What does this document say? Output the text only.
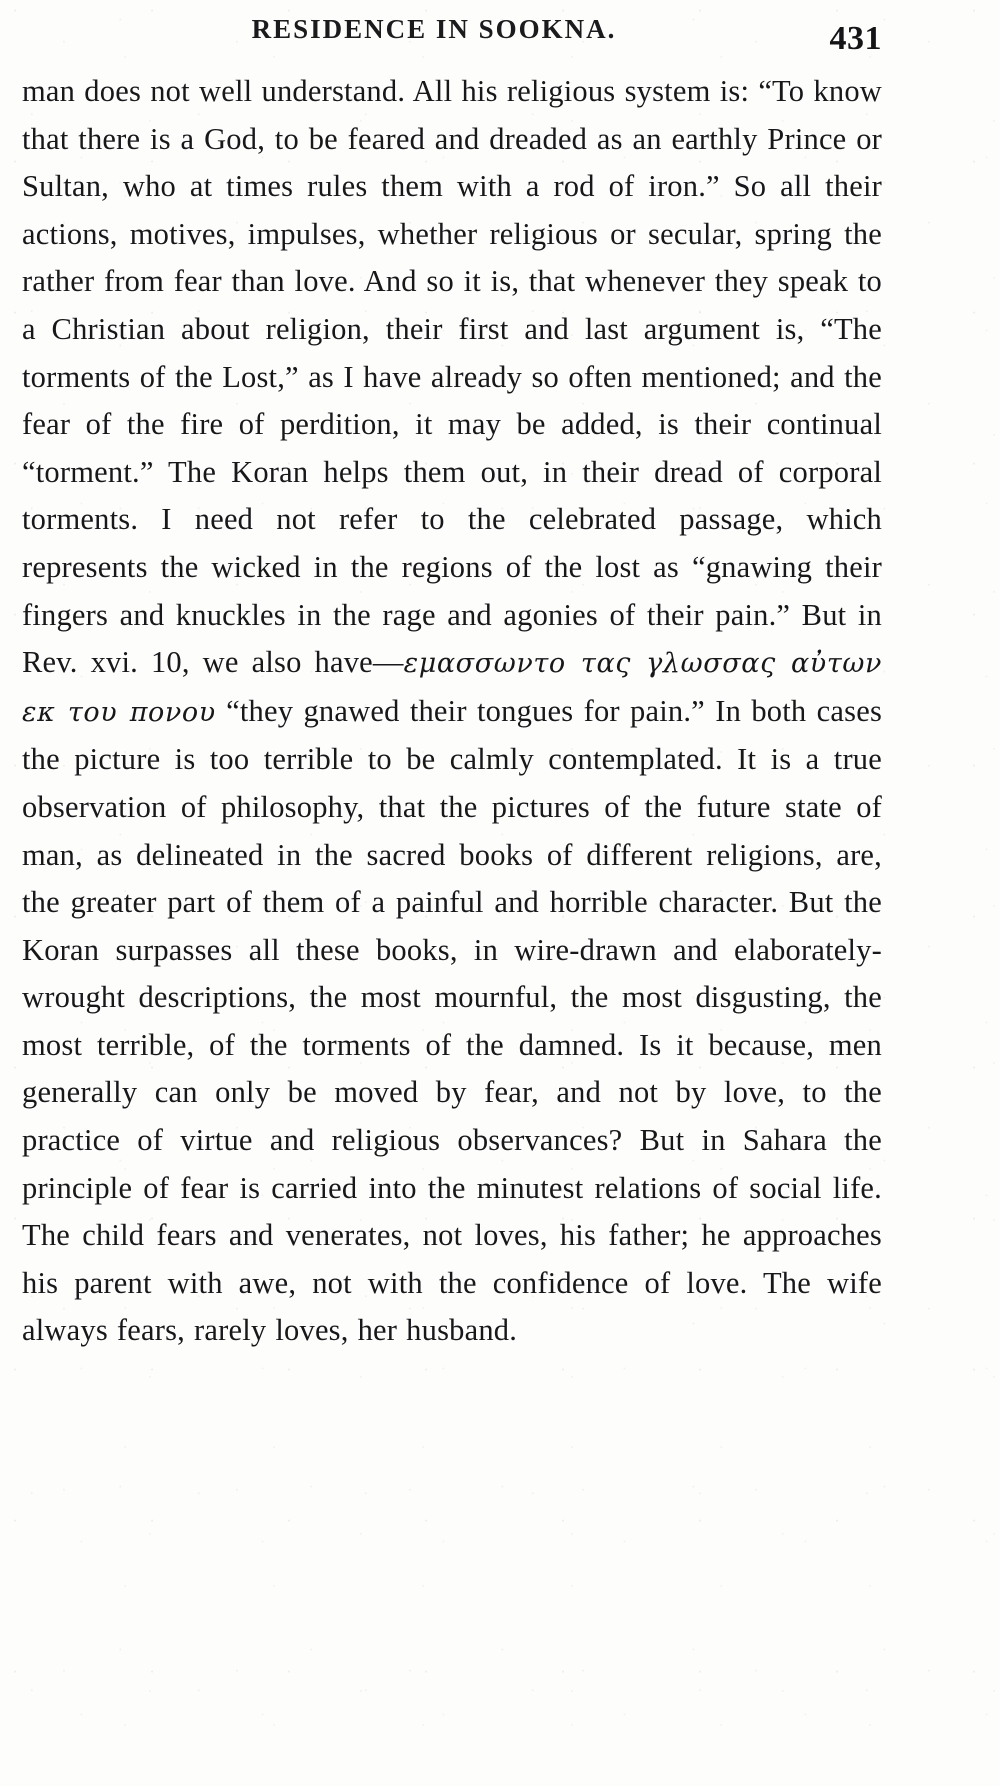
RESIDENCE IN SOOKNA.	431

man does not well understand. All his religious system is: “To know that there is a God, to be feared and dreaded as an earthly Prince or Sultan, who at times rules them with a rod of iron.” So all their actions, motives, impulses, whether religious or secular, spring the rather from fear than love. And so it is, that whenever they speak to a Christian about religion, their first and last argument is, “The torments of the Lost,” as I have already so often mentioned; and the fear of the fire of perdition, it may be added, is their continual “torment.” The Koran helps them out, in their dread of corporal torments. I need not refer to the celebrated passage, which represents the wicked in the regions of the lost as “gnawing their fingers and knuckles in the rage and agonies of their pain.” But in Rev. xvi. 10, we also have—εμασσωντο τας γλωσσας αὐτων εκ του πονου “they gnawed their tongues for pain.” In both cases the picture is too terrible to be calmly contemplated. It is a true observation of philosophy, that the pictures of the future state of man, as delineated in the sacred books of different religions, are, the greater part of them of a painful and horrible character. But the Koran surpasses all these books, in wire-drawn and elaborately-wrought descriptions, the most mournful, the most disgusting, the most terrible, of the torments of the damned. Is it because, men generally can only be moved by fear, and not by love, to the practice of virtue and religious observances? But in Sahara the principle of fear is carried into the minutest relations of social life. The child fears and venerates, not loves, his father; he approaches his parent with awe, not with the confidence of love. The wife always fears, rarely loves, her husband.
